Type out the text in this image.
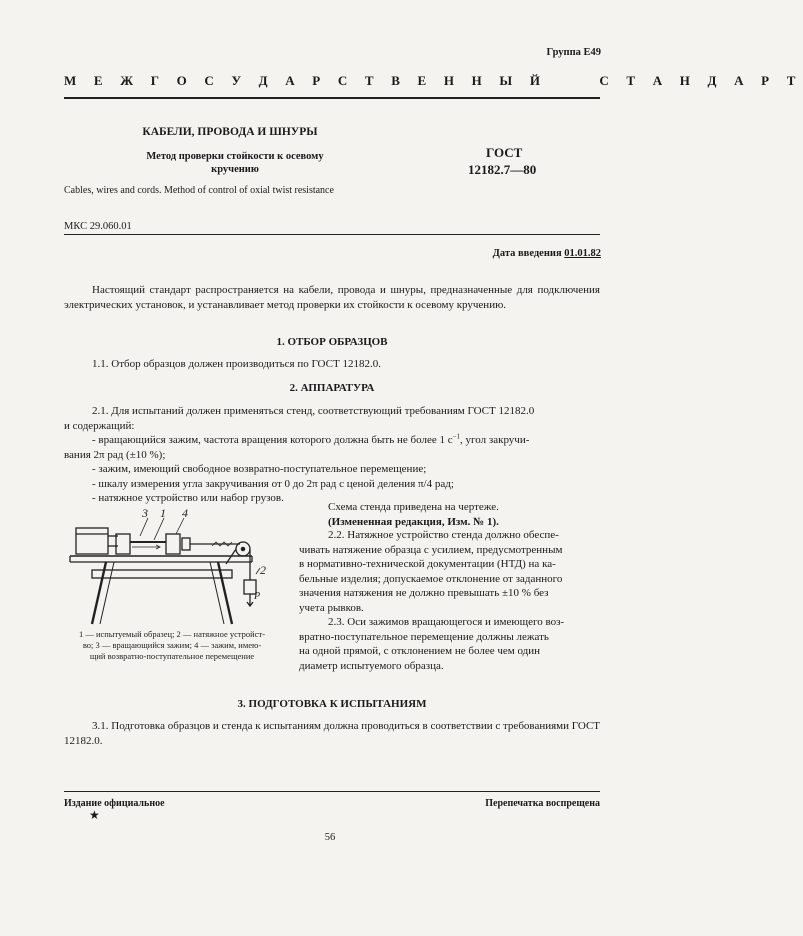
Группа Е49
М Е Ж Г О С У Д А Р С Т В Е Н Н Ы Й     С Т А Н Д А Р Т
КАБЕЛИ, ПРОВОДА И ШНУРЫ
Метод проверки стойкости к осевому
кручению
ГОСТ
12182.7—80
Cables, wires and cords. Method of control of oxial twist resistance
МКС 29.060.01
Дата введения 01.01.82
Настоящий стандарт распространяется на кабели, провода и шнуры, предназначенные для подключения электрических установок, и устанавливает метод проверки их стойкости к осевому кручению.
1. ОТБОР ОБРАЗЦОВ
1.1. Отбор образцов должен производиться по ГОСТ 12182.0.
2. АППАРАТУРА
2.1. Для испытаний должен применяться стенд, соответствующий требованиям ГОСТ 12182.0
и содержащий:
- вращающийся зажим, частота вращения которого должна быть не более 1 $с^{-1}$, угол закручи-
вания 2π рад (±10 %);
- зажим, имеющий свободное возвратно-поступательное перемещение;
- шкалу измерения угла закручивания от 0 до 2π рад с ценой деления π/4 рад;
- натяжное устройство или набор грузов.
Схема стенда приведена на чертеже.
(Измененная редакция, Изм. № 1).
2.2. Натяжное устройство стенда должно обеспе-
чивать натяжение образца с усилием, предусмотренным
в нормативно-технической документации (НТД) на ка-
бельные изделия; допускаемое отклонение от заданного
значения натяжения не должно превышать ±10 % без
учета рывков.
2.3. Оси зажимов вращающегося и имеющего воз-
вратно-поступательное перемещение должны лежать
на одной прямой, с отклонением не более чем один
диаметр испытуемого образца.
3 1 4
2
P
1 — испытуемый образец; 2 — натяжное устройст-
во; 3 — вращающийся зажим; 4 — зажим, имею-
щий возвратно-поступательное перемещение
3. ПОДГОТОВКА К ИСПЫТАНИЯМ
3.1. Подготовка образцов и стенда к испытаниям должна проводиться в соответствии с требованиями ГОСТ 12182.0.
Издание официальное	Перепечатка воспрещена
★
56
